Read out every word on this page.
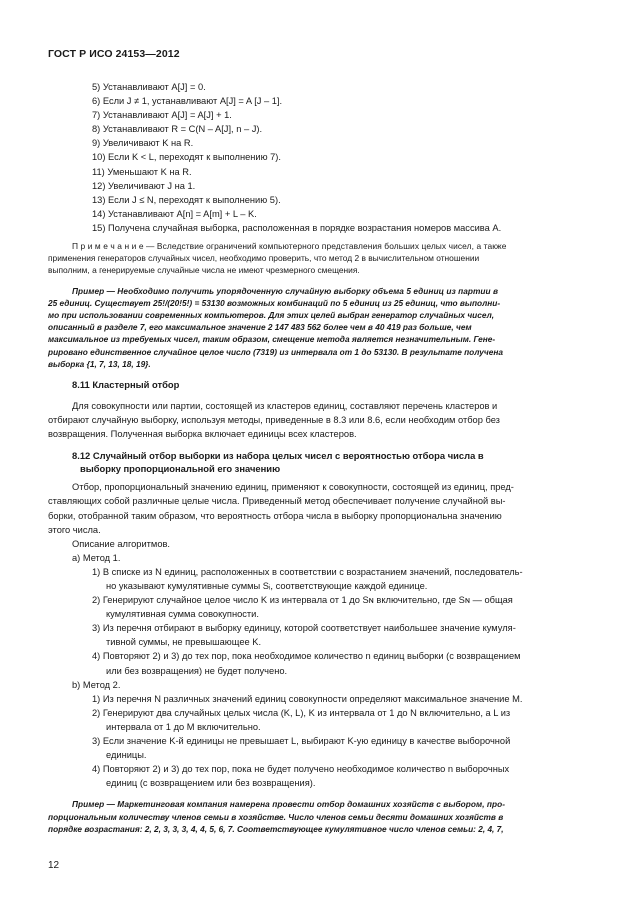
ГОСТ Р ИСО 24153—2012
5) Устанавливают A[J] = 0.
6) Если J ≠ 1, устанавливают A[J] = A [J – 1].
7) Устанавливают A[J] = A[J] + 1.
8) Устанавливают R = C(N – A[J], n – J).
9) Увеличивают K на R.
10) Если K < L, переходят к выполнению 7).
11) Уменьшают K на R.
12) Увеличивают J на 1.
13) Если J ≤ N, переходят к выполнению 5).
14) Устанавливают A[n] = A[m] + L – K.
15) Получена случайная выборка, расположенная в порядке возрастания номеров массива A.
П р и м е ч а н и е — Вследствие ограничений компьютерного представления больших целых чисел, а также
применения генераторов случайных чисел, необходимо проверить, что метод 2 в вычислительном отношении
выполним, а генерируемые случайные числа не имеют чрезмерного смещения.
Пример — Необходимо получить упорядоченную случайную выборку объема 5 единиц из партии в
25 единиц. Существует 25!/(20!5!) = 53130 возможных комбинаций по 5 единиц из 25 единиц, что выполни-
мо при использовании современных компьютеров. Для этих целей выбран генератор случайных чисел,
описанный в разделе 7, его максимальное значение 2 147 483 562 более чем в 40 419 раз больше, чем
максимальное из требуемых чисел, таким образом, смещение метода является незначительным. Гене-
рировано единственное случайное целое число (7319) из интервала от 1 до 53130. В результате получена
выборка {1, 7, 13, 18, 19}.
8.11 Кластерный отбор
Для совокупности или партии, состоящей из кластеров единиц, составляют перечень кластеров и
отбирают случайную выборку, используя методы, приведенные в 8.3 или 8.6, если необходим отбор без
возвращения. Полученная выборка включает единицы всех кластеров.
8.12 Случайный отбор выборки из набора целых чисел с вероятностью отбора числа в
выборку пропорциональной его значению
Отбор, пропорциональный значению единиц, применяют к совокупности, состоящей из единиц, пред-
ставляющих собой различные целые числа. Приведенный метод обеспечивает получение случайной вы-
борки, отобранной таким образом, что вероятность отбора числа в выборку пропорциональна значению
этого числа.
Описание алгоритмов.
a) Метод 1.
1) В списке из N единиц, расположенных в соответствии с возрастанием значений, последователь-
но указывают кумулятивные суммы Sᵢ, соответствующие каждой единице.
2) Генерируют случайное целое число K из интервала от 1 до Sɴ включительно, где Sɴ — общая
кумулятивная сумма совокупности.
3) Из перечня отбирают в выборку единицу, которой соответствует наибольшее значение кумуля-
тивной суммы, не превышающее K.
4) Повторяют 2) и 3) до тех пор, пока необходимое количество n единиц выборки (с возвращением
или без возвращения) не будет получено.
b) Метод 2.
1) Из перечня N различных значений единиц совокупности определяют максимальное значение M.
2) Генерируют два случайных целых числа (K, L), K из интервала от 1 до N включительно, а L из
интервала от 1 до M включительно.
3) Если значение K-й единицы не превышает L, выбирают K-ую единицу в качестве выборочной
единицы.
4) Повторяют 2) и 3) до тех пор, пока не будет получено необходимое количество n выборочных
единиц (с возвращением или без возвращения).
Пример — Маркетинговая компания намерена провести отбор домашних хозяйств с выбором, про-
порциональным количеству членов семьи в хозяйстве. Число членов семьи десяти домашних хозяйств в
порядке возрастания: 2, 2, 3, 3, 3, 4, 4, 5, 6, 7. Соответствующее кумулятивное число членов семьи: 2, 4, 7,
12
